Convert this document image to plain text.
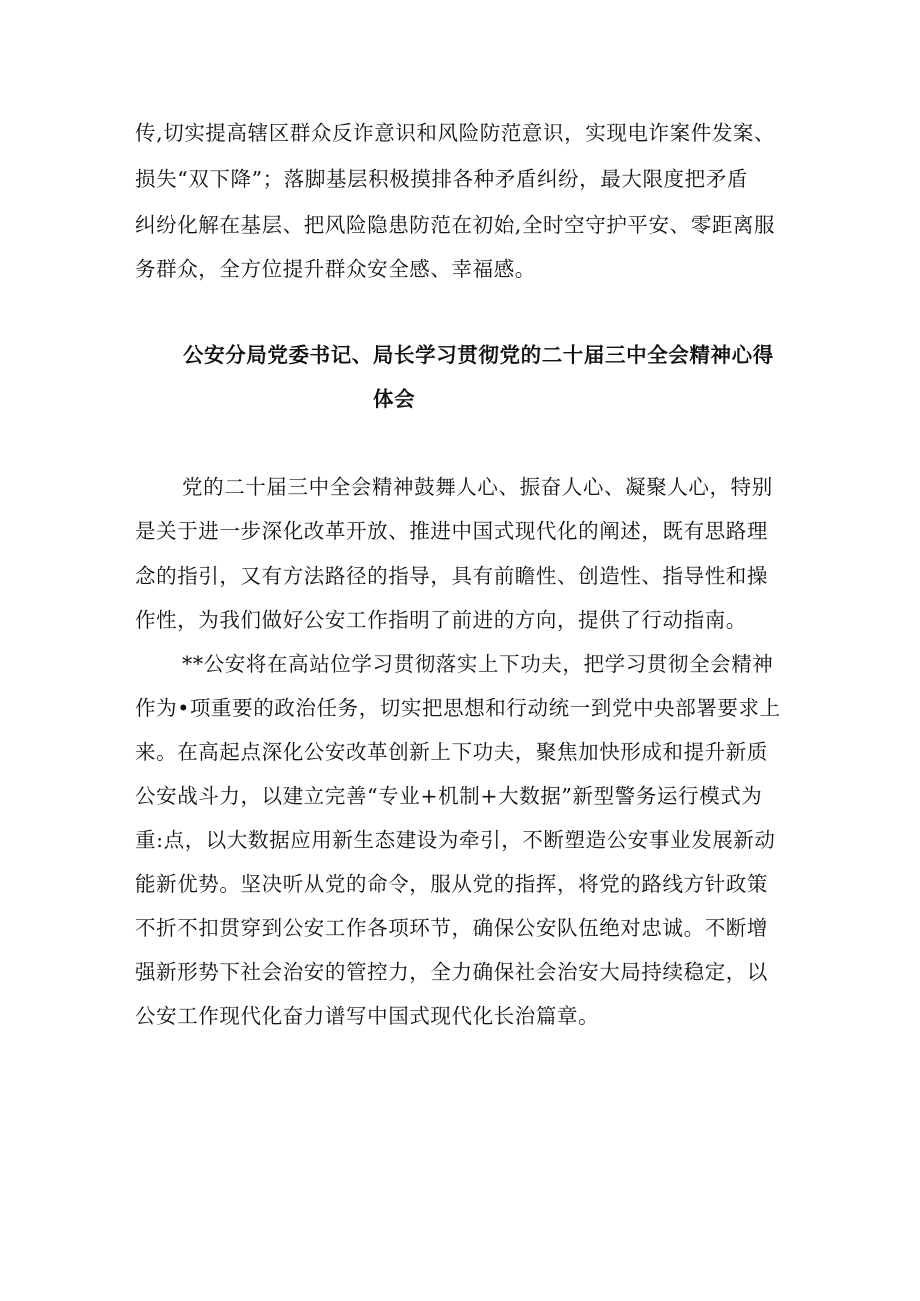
传,切实提高辖区群众反诈意识和风险防范意识，实现电诈案件发案、
损失“双下降”；落脚基层积极摸排各种矛盾纠纷，最大限度把矛盾
纠纷化解在基层、把风险隐患防范在初始,全时空守护平安、零距离服
务群众，全方位提升群众安全感、幸福感。
公安分局党委书记、局长学习贯彻党的二十届三中全会精神心得
体会
党的二十届三中全会精神鼓舞人心、振奋人心、凝聚人心，特别
是关于进一步深化改革开放、推进中国式现代化的阐述，既有思路理
念的指引，又有方法路径的指导，具有前瞻性、创造性、指导性和操
作性，为我们做好公安工作指明了前进的方向，提供了行动指南。
**公安将在高站位学习贯彻落实上下功夫，把学习贯彻全会精神
作为•项重要的政治任务，切实把思想和行动统一到党中央部署要求上
来。在高起点深化公安改革创新上下功夫，聚焦加快形成和提升新质
公安战斗力，以建立完善“专业+机制+大数据”新型警务运行模式为
重:点，以大数据应用新生态建设为牵引，不断塑造公安事业发展新动
能新优势。坚决听从党的命令，服从党的指挥，将党的路线方针政策
不折不扣贯穿到公安工作各项环节，确保公安队伍绝对忠诚。不断增
强新形势下社会治安的管控力，全力确保社会治安大局持续稳定，以
公安工作现代化奋力谱写中国式现代化长治篇章。
